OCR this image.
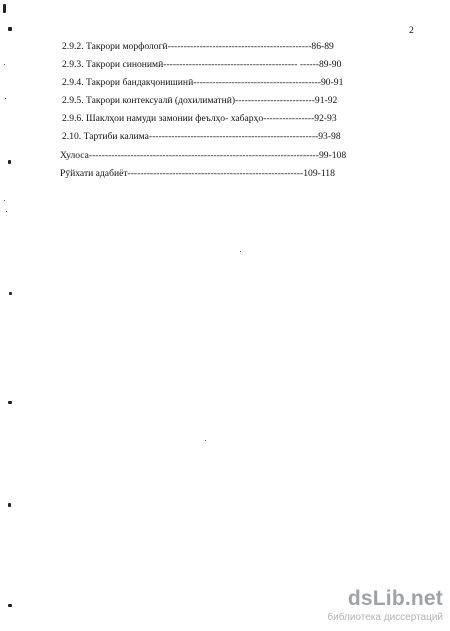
2
2.9.2. Такрори морфологӣ---------------------------------------------86-89
2.9.3. Такрори синонимӣ------------------------------------------ ------89-90
2.9.4. Такрори бандакҷонишинӣ----------------------------------------90-91
2.9.5. Такрори контексуалӣ (дохилиматнӣ)-------------------------91-92
2.9.6. Шаклҳои намуди замонии феълҳо- хабарҳо----------------92-93
2.10. Тартиби калима-----------------------------------------------------93-98
Хулоса------------------------------------------------------------------------99-108
Рӯйхати адабиёт-------------------------------------------------------109-118
dsLib.net
библиотека диссертаций
